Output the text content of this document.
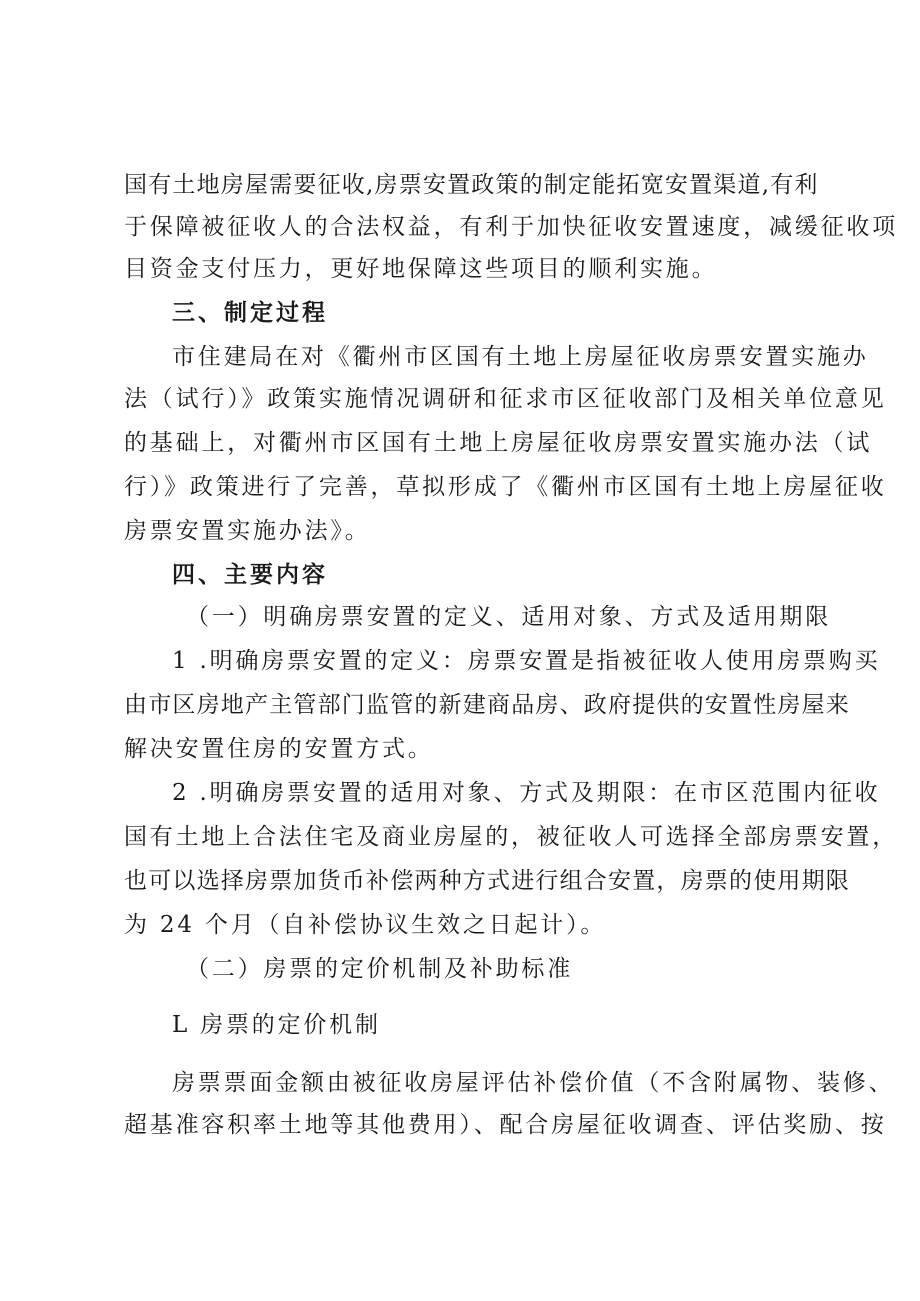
国有土地房屋需要征收,房票安置政策的制定能拓宽安置渠道,有利
于保障被征收人的合法权益，有利于加快征收安置速度，减缓征收项
目资金支付压力，更好地保障这些项目的顺利实施。
三、制定过程
市住建局在对《衢州市区国有土地上房屋征收房票安置实施办
法（试行）》政策实施情况调研和征求市区征收部门及相关单位意见
的基础上，对衢州市区国有土地上房屋征收房票安置实施办法（试
行）》政策进行了完善，草拟形成了《衢州市区国有土地上房屋征收
房票安置实施办法》。
四、主要内容
（一）明确房票安置的定义、适用对象、方式及适用期限
1 .明确房票安置的定义：房票安置是指被征收人使用房票购买
由市区房地产主管部门监管的新建商品房、政府提供的安置性房屋来
解决安置住房的安置方式。
2 .明确房票安置的适用对象、方式及期限：在市区范围内征收
国有土地上合法住宅及商业房屋的，被征收人可选择全部房票安置，
也可以选择房票加货币补偿两种方式进行组合安置，房票的使用期限
为 24 个月（自补偿协议生效之日起计）。
（二）房票的定价机制及补助标准
L 房票的定价机制
房票票面金额由被征收房屋评估补偿价值（不含附属物、装修、
超基准容积率土地等其他费用）、配合房屋征收调查、评估奖励、按
